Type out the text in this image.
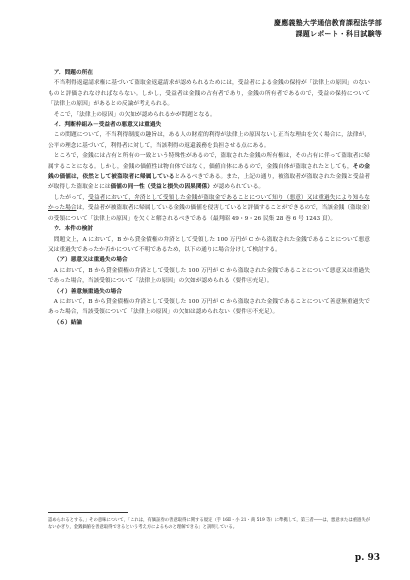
慶應義塾大学通信教育課程法学部
課題レポート・科目試験等

ア．問題の所在

不当利得返還請求権に基づいて盗取金返還請求が認められるためには，受益者による金銭の保持が「法律上の原因」のないものと評価されなければならない。しかし，受益者は金銭の占有者であり，金銭の所有者であるので，受益の保持について「法律上の原因」があるとの反論が考えられる。

そこで，「法律上の原因」の欠如が認められるかが問題となる。

イ．判断枠組み－受益者の悪意又は重過失

この問題について，不当利得制度の趣旨は，ある人の財産的利得が法律上の原因ないし正当な理由を欠く場合に，法律が，公平の理念に基づいて，利得者に対して，当該利得の返還義務を負担させる点にある。

ところで，金銭には占有と所有の一致という特殊性があるので，盗取された金銭の所有権は，その占有に伴って盗取者に帰属することになる。しかし，金銭の価値性は物自体ではなく，価値自体にあるので，金銭自体が盗取されたとしても，その金銭の価値は，依然として被盗取者に帰属しているとみるべきである。また，上記の通り，被盗取者が盗取された金銭と受益者が取得した盗取金とには価値の同一性（受益と損失の因果関係）が認められている。

したがって，受益者において，弁済として受領した金銭が盗取金であることについて知り（悪意）又は重過失により知らなかった場合は，受益者が被盗取者に帰属している金銭の価値を侵害していると評価することができるので，当該金銭（盗取金）の受領について「法律上の原因」を欠くと解されるべきである（最判昭 49・9・26 民集 28 巻 6 号 1243 頁）。

ウ．本件の検討

問題文上，A において，B から貸金債権の弁済として受領した 100 万円が C から盗取された金銭であることについて悪意又は重過失であったか否かについて不明であるため，以下の通りに場合分けして検討する。

（ア）悪意又は重過失の場合

A において，B から貸金債権の弁済として受領した 100 万円が C から盗取された金銭であることについて悪意又は重過失であった場合，当該受領について「法律上の原因」の欠如が認められる（要件④充足）。

（イ）善意無重過失の場合

A において，B から貸金債権の弁済として受領した 100 万円が C から盗取された金銭であることについて善意無重過失であった場合，当該受領について「法律上の原因」の欠如は認められない（要件④不充足）。

（６）結論

認められるとする。」その意味について，「これは，有価証券の善意取得に関する規定（手 16Ⅱ・小 21・商 519 等）に準拠して，第三者――は，悪意または重過失がないかぎり，金銭価値を善意取得できるという考え方によるものと理解できる」と説明している。

p. 93
